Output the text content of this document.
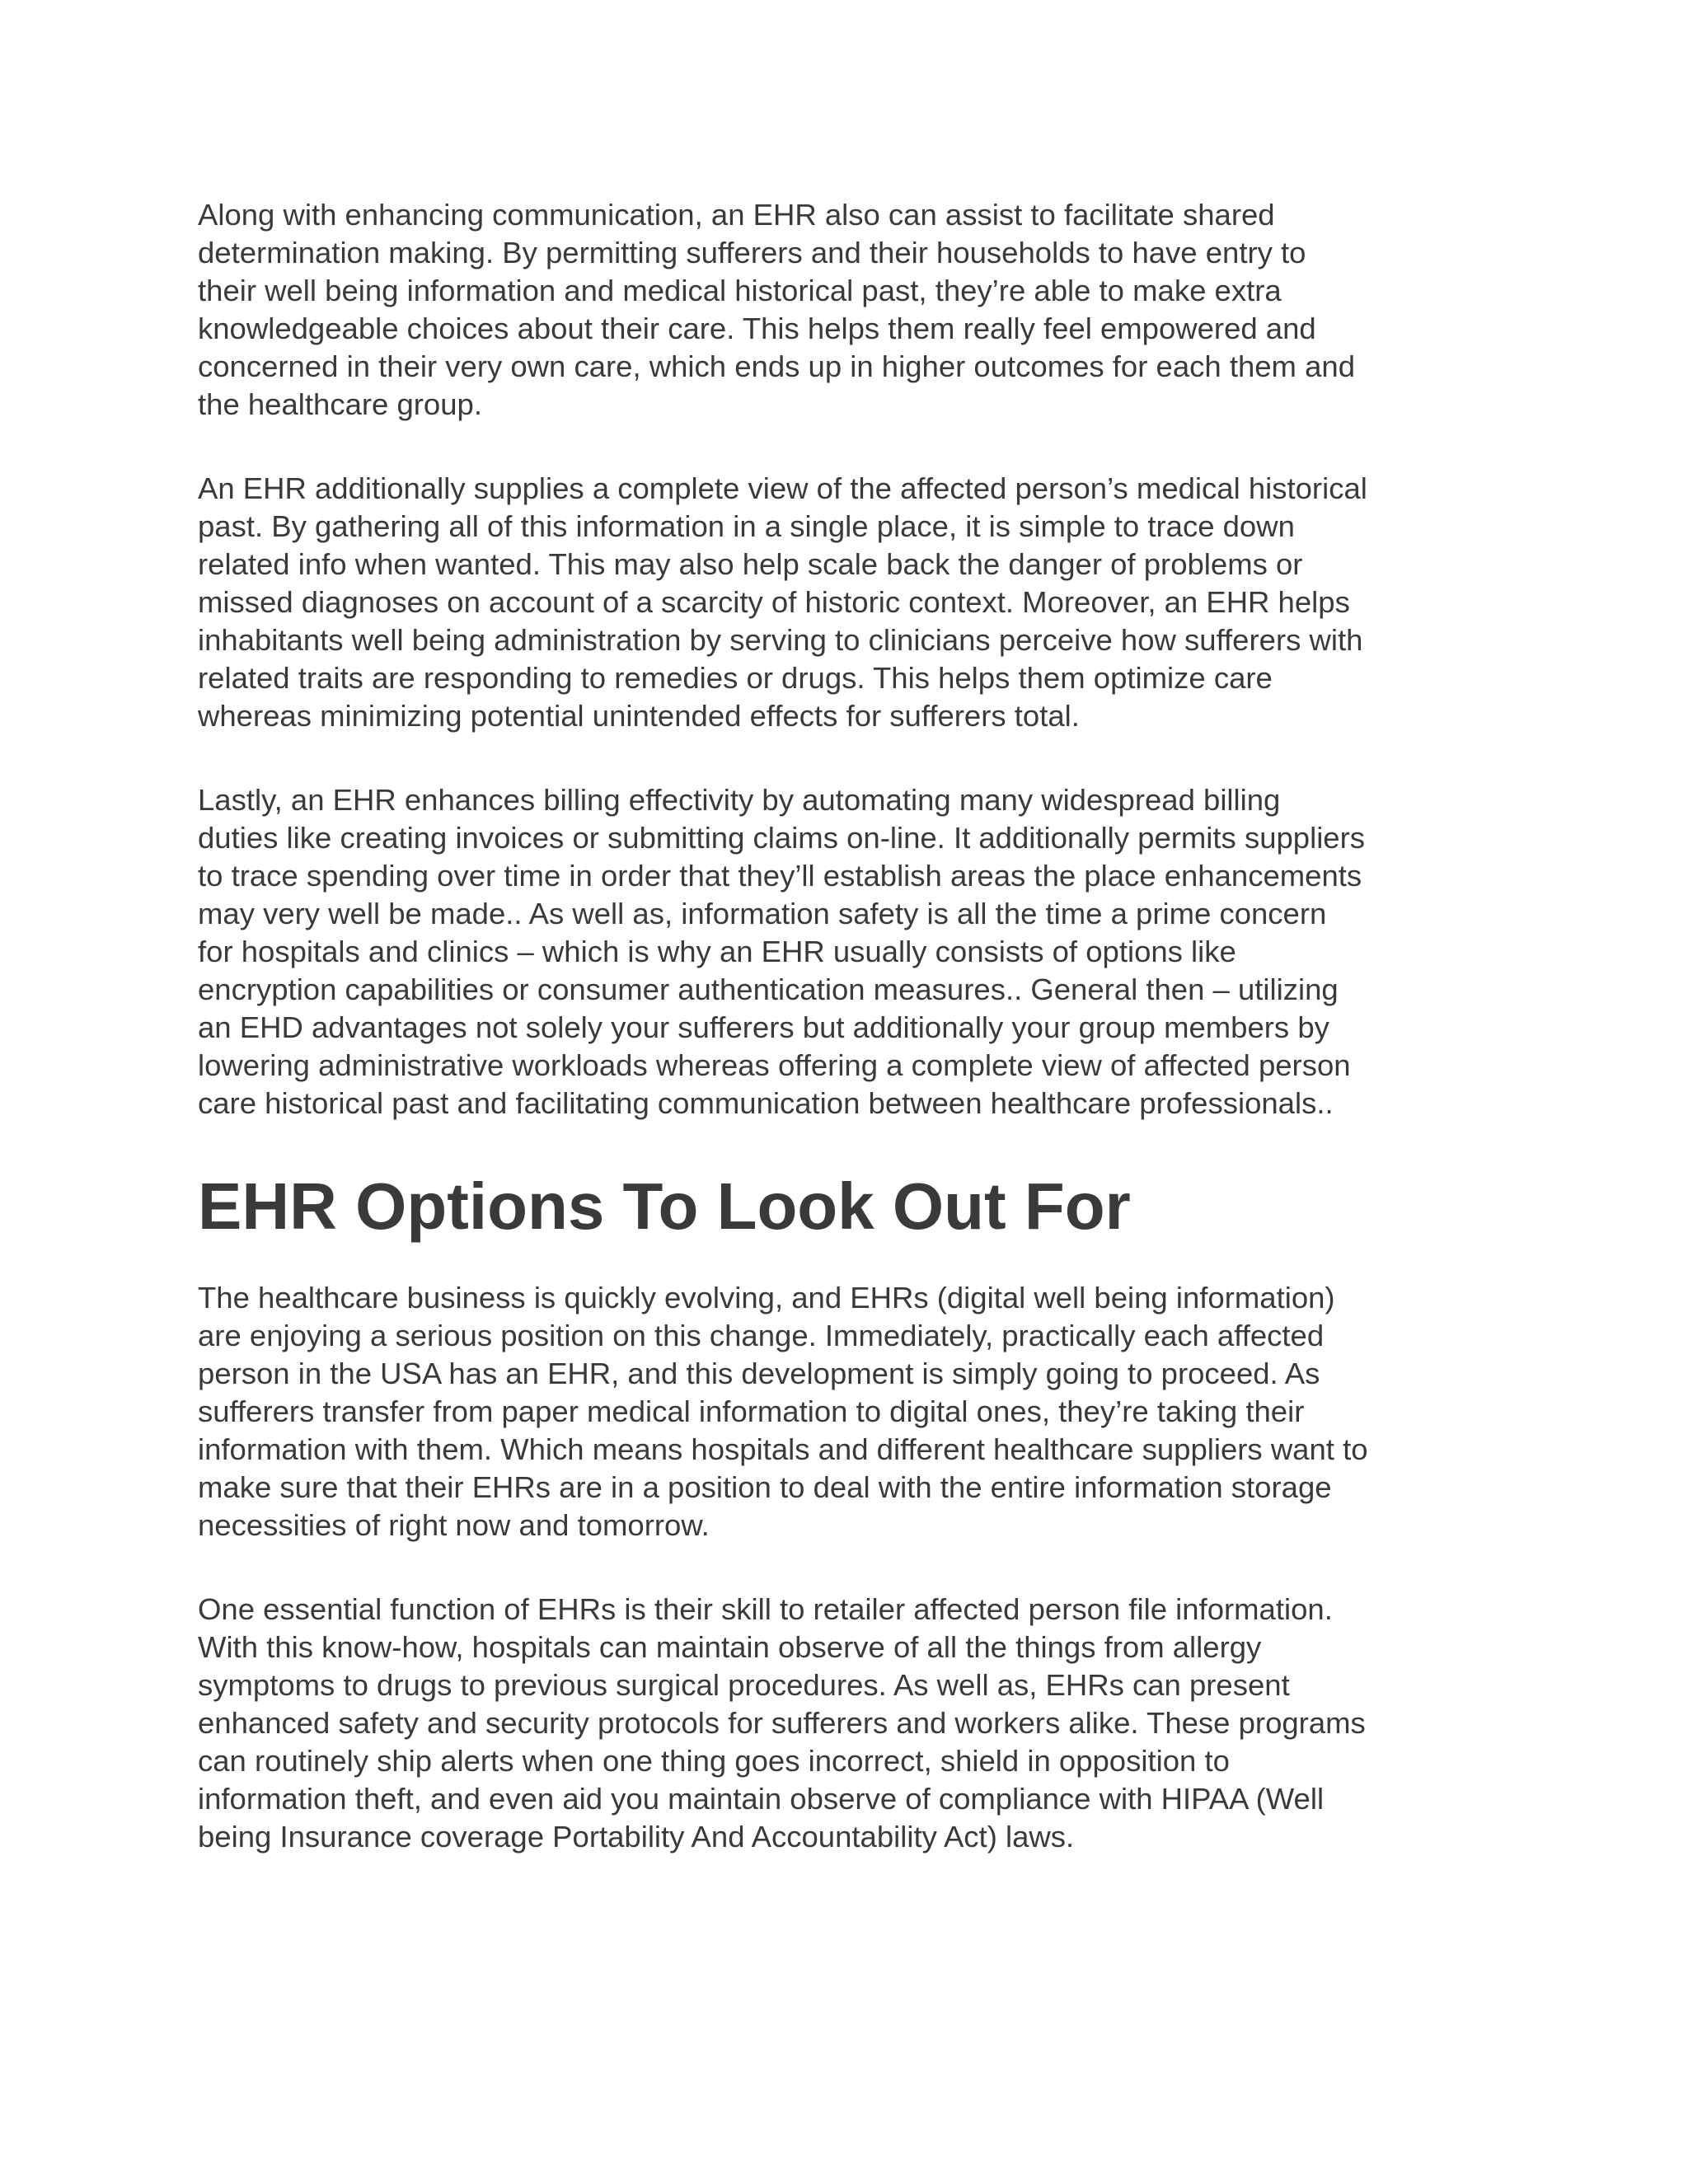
Along with enhancing communication, an EHR also can assist to facilitate shared
determination making. By permitting sufferers and their households to have entry to
their well being information and medical historical past, they’re able to make extra
knowledgeable choices about their care. This helps them really feel empowered and
concerned in their very own care, which ends up in higher outcomes for each them and
the healthcare group.

An EHR additionally supplies a complete view of the affected person’s medical historical
past. By gathering all of this information in a single place, it is simple to trace down
related info when wanted. This may also help scale back the danger of problems or
missed diagnoses on account of a scarcity of historic context. Moreover, an EHR helps
inhabitants well being administration by serving to clinicians perceive how sufferers with
related traits are responding to remedies or drugs. This helps them optimize care
whereas minimizing potential unintended effects for sufferers total.

Lastly, an EHR enhances billing effectivity by automating many widespread billing
duties like creating invoices or submitting claims on-line. It additionally permits suppliers
to trace spending over time in order that they’ll establish areas the place enhancements
may very well be made.. As well as, information safety is all the time a prime concern
for hospitals and clinics – which is why an EHR usually consists of options like
encryption capabilities or consumer authentication measures.. General then – utilizing
an EHD advantages not solely your sufferers but additionally your group members by
lowering administrative workloads whereas offering a complete view of affected person
care historical past and facilitating communication between healthcare professionals..

EHR Options To Look Out For

The healthcare business is quickly evolving, and EHRs (digital well being information)
are enjoying a serious position on this change. Immediately, practically each affected
person in the USA has an EHR, and this development is simply going to proceed. As
sufferers transfer from paper medical information to digital ones, they’re taking their
information with them. Which means hospitals and different healthcare suppliers want to
make sure that their EHRs are in a position to deal with the entire information storage
necessities of right now and tomorrow.

One essential function of EHRs is their skill to retailer affected person file information.
With this know-how, hospitals can maintain observe of all the things from allergy
symptoms to drugs to previous surgical procedures. As well as, EHRs can present
enhanced safety and security protocols for sufferers and workers alike. These programs
can routinely ship alerts when one thing goes incorrect, shield in opposition to
information theft, and even aid you maintain observe of compliance with HIPAA (Well
being Insurance coverage Portability And Accountability Act) laws.
